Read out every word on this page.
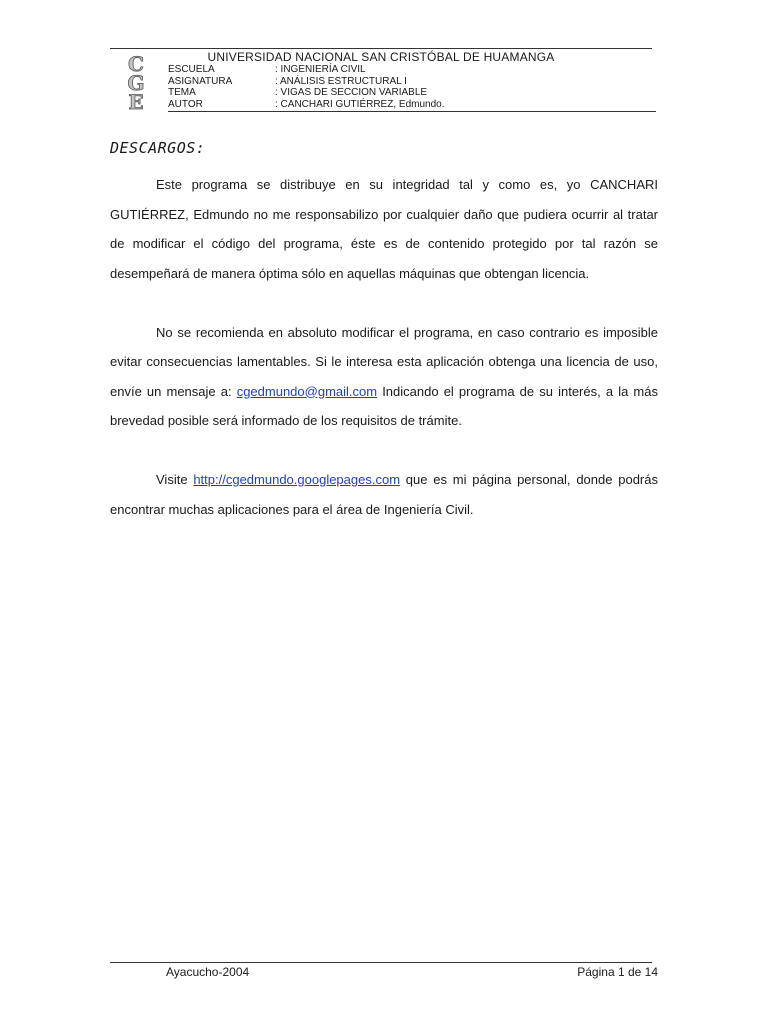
UNIVERSIDAD NACIONAL SAN CRISTÓBAL DE HUAMANGA
C
G
E
ESCUELA	: INGENIERÍA CIVIL
ASIGNATURA	: ANÁLISIS ESTRUCTURAL I
TEMA	: VIGAS DE SECCION VARIABLE
AUTOR	: CANCHARI GUTIÉRREZ, Edmundo.
DESCARGOS:

Este programa se distribuye en su integridad tal y como es, yo CANCHARI GUTIÉRREZ, Edmundo no me responsabilizo por cualquier daño que pudiera ocurrir al tratar de modificar el código del programa, éste es de contenido protegido por tal razón se desempeñará de manera óptima sólo en aquellas máquinas que obtengan licencia.

No se recomienda en absoluto modificar el programa, en caso contrario es imposible evitar consecuencias lamentables. Si le interesa esta aplicación obtenga una licencia de uso, envíe un mensaje a: cgedmundo@gmail.com Indicando el programa de su interés, a la más brevedad posible será informado de los requisitos de trámite.

Visite http://cgedmundo.googlepages.com que es mi página personal, donde podrás encontrar muchas aplicaciones para el área de Ingeniería Civil.

Ayacucho-2004	Página 1 de 14
